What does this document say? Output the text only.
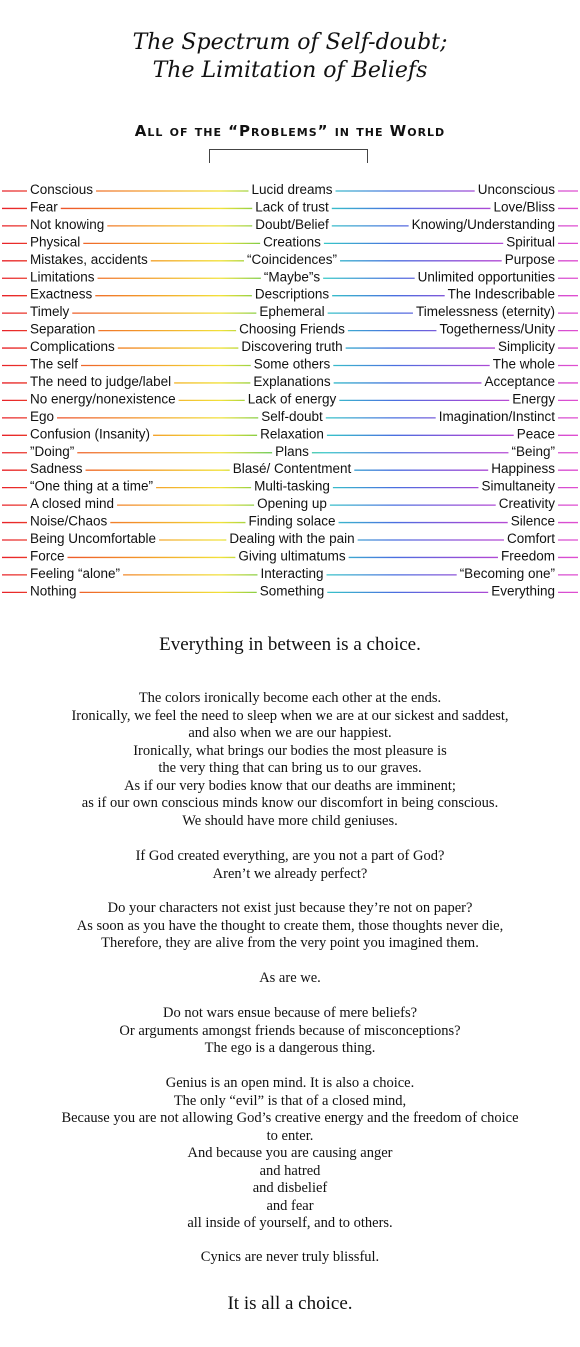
The Spectrum of Self-doubt;
The Limitation of Beliefs
All of the “Problems” in the World
Conscious	Lucid dreams	Unconscious
Fear	Lack of trust	Love/Bliss
Not knowing	Doubt/Belief	Knowing/Understanding
Physical	Creations	Spiritual
Mistakes, accidents	“Coincidences”	Purpose
Limitations	“Maybe”s	Unlimited opportunities
Exactness	Descriptions	The Indescribable
Timely	Ephemeral	Timelessness (eternity)
Separation	Choosing Friends	Togetherness/Unity
Complications	Discovering truth	Simplicity
The self	Some others	The whole
The need to judge/label	Explanations	Acceptance
No energy/nonexistence	Lack of energy	Energy
Ego	Self-doubt	Imagination/Instinct
Confusion (Insanity)	Relaxation	Peace
”Doing”	Plans	“Being”
Sadness	Blasé/ Contentment	Happiness
“One thing at a time”	Multi-tasking	Simultaneity
A closed mind	Opening up	Creativity
Noise/Chaos	Finding solace	Silence
Being Uncomfortable	Dealing with the pain	Comfort
Force	Giving ultimatums	Freedom
Feeling “alone”	Interacting	“Becoming one”
Nothing	Something	Everything
Everything in between is a choice.
The colors ironically become each other at the ends.
Ironically, we feel the need to sleep when we are at our sickest and saddest,
and also when we are our happiest.
Ironically, what brings our bodies the most pleasure is
the very thing that can bring us to our graves.
As if our very bodies know that our deaths are imminent;
as if our own conscious minds know our discomfort in being conscious.
We should have more child geniuses.
If God created everything, are you not a part of God?
Aren’t we already perfect?
Do your characters not exist just because they’re not on paper?
As soon as you have the thought to create them, those thoughts never die,
Therefore, they are alive from the very point you imagined them.
As are we.
Do not wars ensue because of mere beliefs?
Or arguments amongst friends because of misconceptions?
The ego is a dangerous thing.
Genius is an open mind. It is also a choice.
The only “evil” is that of a closed mind,
Because you are not allowing God’s creative energy and the freedom of choice
to enter.
And because you are causing anger
and hatred
and disbelief
and fear
all inside of yourself, and to others.
Cynics are never truly blissful.
It is all a choice.
